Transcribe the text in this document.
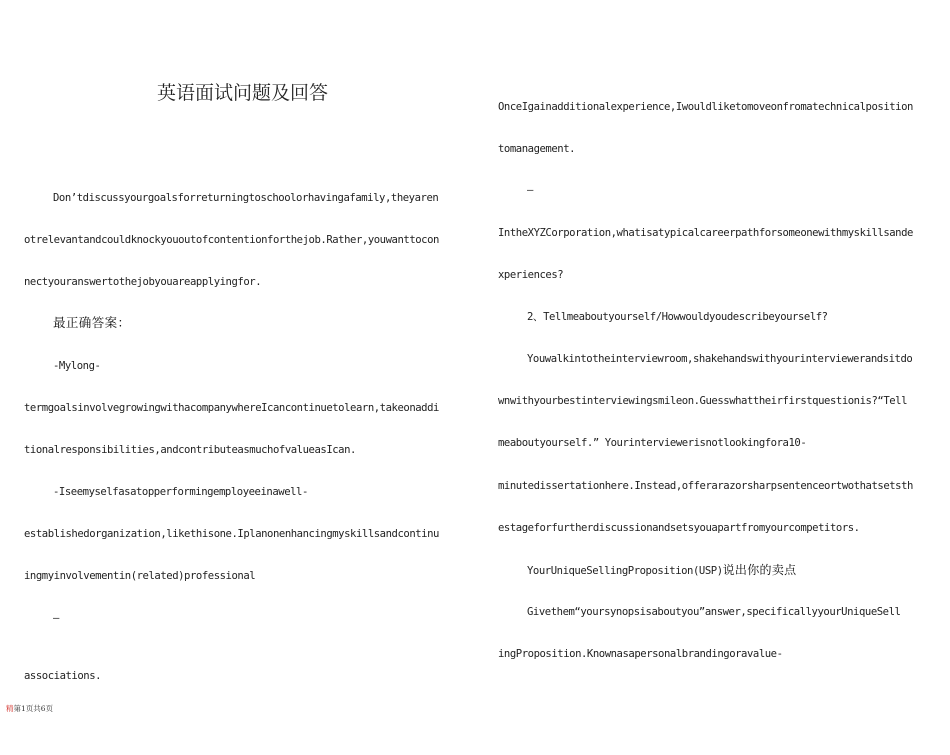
英语面试问题及回答
Don’tdiscussyourgoalsforreturningtoschoolorhavingafamily,theyaren
otrelevantandcouldknockyououtofcontentionforthejob.Rather,youwanttocon
nectyouranswertothejobyouareapplyingfor.
最正确答案：
-Mylong-
termgoalsinvolvegrowingwithacompanywhereIcancontinuetolearn,takeonaddi
tionalresponsibilities,andcontributeasmuchofvalueasIcan.
-Iseemyselfasatopperformingemployeeinawell-
establishedorganization,likethisone.Iplanonenhancingmyskillsandcontinu
ingmyinvolvementin(related)professional
–
associations.
OnceIgainadditionalexperience,Iwouldliketomoveonfromatechnicalposition
tomanagement.
–
IntheXYZCorporation,whatisatypicalcareerpathforsomeonewithmyskillsande
xperiences?
2、Tellmeaboutyourself/Howwouldyoudescribeyourself?
Youwalkintotheinterviewroom,shakehandswithyourinterviewerandsitdo
wnwithyourbestinterviewingsmileon.Guesswhattheirfirstquestionis?“Tell
meaboutyourself.” Yourinterviewerisnotlookingfora10-
minutedissertationhere.Instead,offerarazorsharpsentenceortwothatsetsth
estageforfurtherdiscussionandsetsyouapartfromyourcompetitors.
YourUniqueSellingProposition(USP)说出你的卖点
Givethem“yoursynopsisaboutyou”answer,specificallyyourUniqueSell
ingProposition.Knownasapersonalbrandingoravalue-
精第1页共6页
